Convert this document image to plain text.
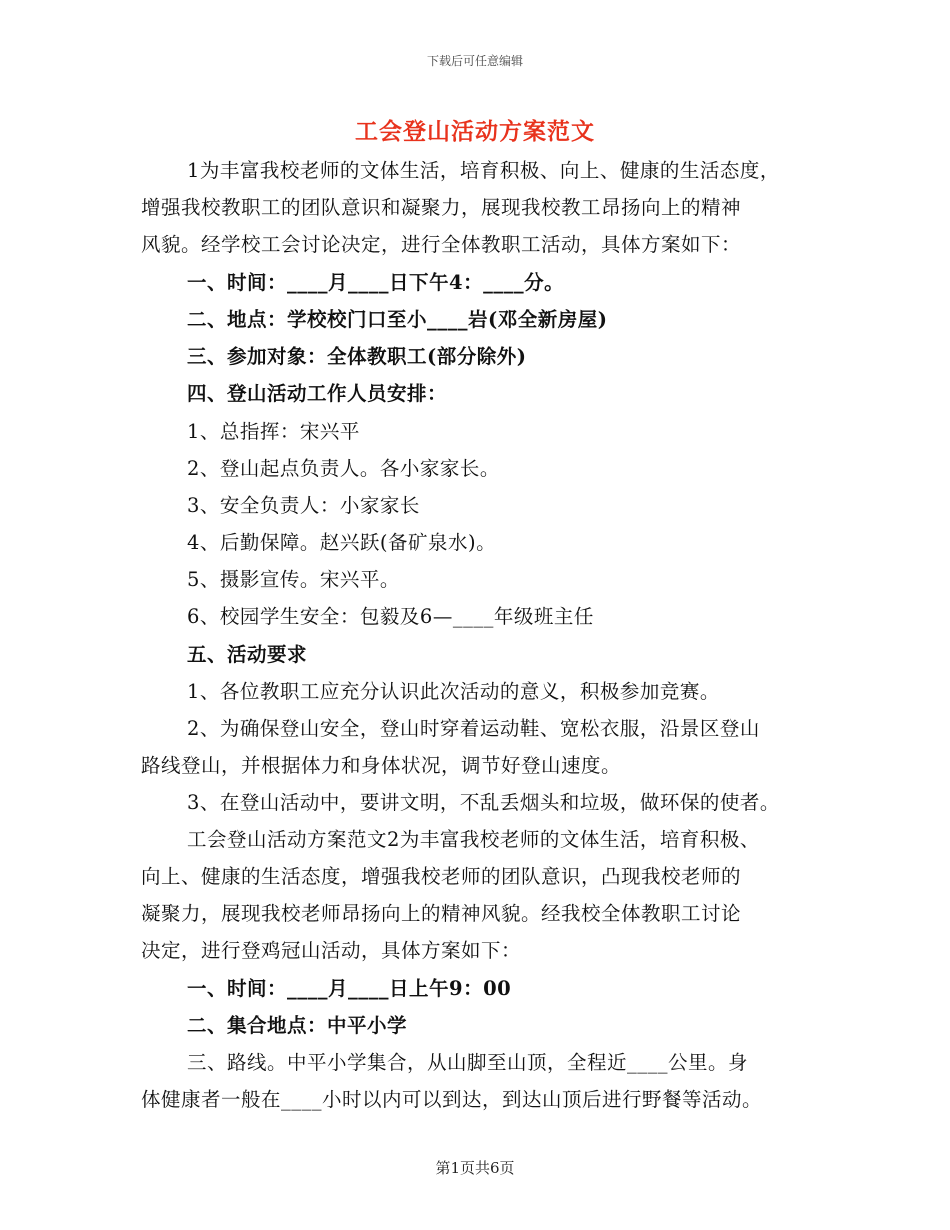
下载后可任意编辑
工会登山活动方案范文
1为丰富我校老师的文体生活，培育积极、向上、健康的生活态度，
增强我校教职工的团队意识和凝聚力，展现我校教工昂扬向上的精神
风貌。经学校工会讨论决定，进行全体教职工活动，具体方案如下：
一、时间：____月____日下午4：____分。
二、地点：学校校门口至小____岩(邓全新房屋)
三、参加对象：全体教职工(部分除外)
四、登山活动工作人员安排：
1、总指挥：宋兴平
2、登山起点负责人。各小家家长。
3、安全负责人：小家家长
4、后勤保障。赵兴跃(备矿泉水)。
5、摄影宣传。宋兴平。
6、校园学生安全：包毅及6—____年级班主任
五、活动要求
1、各位教职工应充分认识此次活动的意义，积极参加竞赛。
2、为确保登山安全，登山时穿着运动鞋、宽松衣服，沿景区登山
路线登山，并根据体力和身体状况，调节好登山速度。
3、在登山活动中，要讲文明，不乱丢烟头和垃圾，做环保的使者。
工会登山活动方案范文2为丰富我校老师的文体生活，培育积极、
向上、健康的生活态度，增强我校老师的团队意识，凸现我校老师的
凝聚力，展现我校老师昂扬向上的精神风貌。经我校全体教职工讨论
决定，进行登鸡冠山活动，具体方案如下：
一、时间：____月____日上午9：00
二、集合地点：中平小学
三、路线。中平小学集合，从山脚至山顶，全程近____公里。身
体健康者一般在____小时以内可以到达，到达山顶后进行野餐等活动。
第1页共6页
